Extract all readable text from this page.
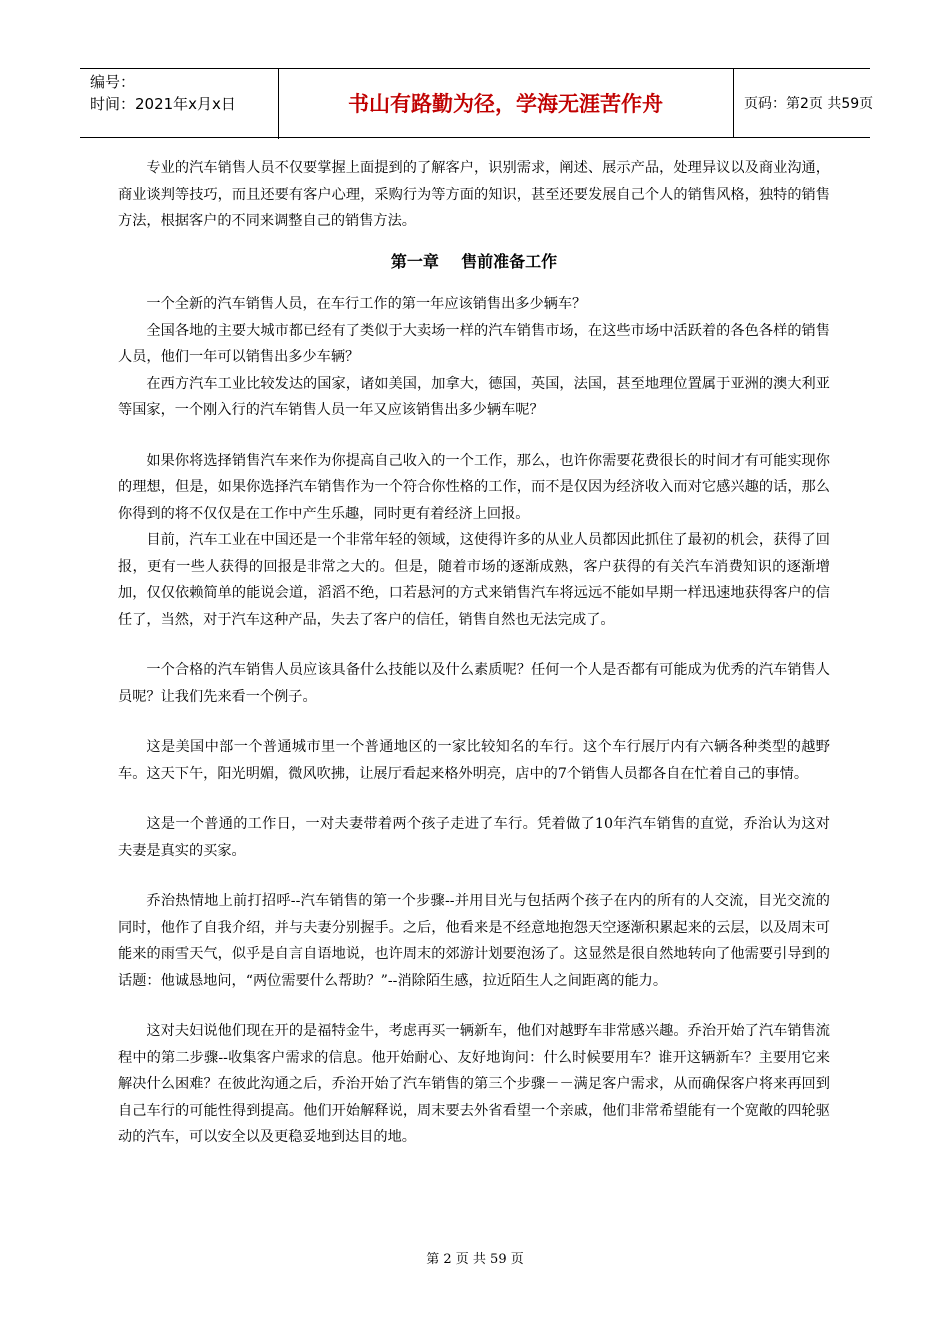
编号：
时间：2021年x月x日	书山有路勤为径，学海无涯苦作舟	页码：第2页 共59页

专业的汽车销售人员不仅要掌握上面提到的了解客户，识别需求，阐述、展示产品，处理异议以及商业沟通，商业谈判等技巧，而且还要有客户心理，采购行为等方面的知识，甚至还要发展自己个人的销售风格，独特的销售方法，根据客户的不同来调整自己的销售方法。

第一章    售前准备工作

一个全新的汽车销售人员，在车行工作的第一年应该销售出多少辆车？

全国各地的主要大城市都已经有了类似于大卖场一样的汽车销售市场，在这些市场中活跃着的各色各样的销售人员，他们一年可以销售出多少车辆？

在西方汽车工业比较发达的国家，诸如美国，加拿大，德国，英国，法国，甚至地理位置属于亚洲的澳大利亚等国家，一个刚入行的汽车销售人员一年又应该销售出多少辆车呢？

如果你将选择销售汽车来作为你提高自己收入的一个工作，那么，也许你需要花费很长的时间才有可能实现你的理想，但是，如果你选择汽车销售作为一个符合你性格的工作，而不是仅因为经济收入而对它感兴趣的话，那么你得到的将不仅仅是在工作中产生乐趣，同时更有着经济上回报。

目前，汽车工业在中国还是一个非常年轻的领域，这使得许多的从业人员都因此抓住了最初的机会，获得了回报，更有一些人获得的回报是非常之大的。但是，随着市场的逐渐成熟，客户获得的有关汽车消费知识的逐渐增加，仅仅依赖简单的能说会道，滔滔不绝，口若悬河的方式来销售汽车将远远不能如早期一样迅速地获得客户的信任了，当然，对于汽车这种产品，失去了客户的信任，销售自然也无法完成了。

一个合格的汽车销售人员应该具备什么技能以及什么素质呢？任何一个人是否都有可能成为优秀的汽车销售人员呢？让我们先来看一个例子。

这是美国中部一个普通城市里一个普通地区的一家比较知名的车行。这个车行展厅内有六辆各种类型的越野车。这天下午，阳光明媚，微风吹拂，让展厅看起来格外明亮，店中的7个销售人员都各自在忙着自己的事情。

这是一个普通的工作日，一对夫妻带着两个孩子走进了车行。凭着做了10年汽车销售的直觉，乔治认为这对夫妻是真实的买家。

乔治热情地上前打招呼--汽车销售的第一个步骤--并用目光与包括两个孩子在内的所有的人交流，目光交流的同时，他作了自我介绍，并与夫妻分别握手。之后，他看来是不经意地抱怨天空逐渐积累起来的云层，以及周末可能来的雨雪天气，似乎是自言自语地说，也许周末的郊游计划要泡汤了。这显然是很自然地转向了他需要引导到的话题：他诚恳地问，“两位需要什么帮助？”--消除陌生感，拉近陌生人之间距离的能力。

这对夫妇说他们现在开的是福特金牛，考虑再买一辆新车，他们对越野车非常感兴趣。乔治开始了汽车销售流程中的第二步骤--收集客户需求的信息。他开始耐心、友好地询问：什么时候要用车？谁开这辆新车？主要用它来解决什么困难？在彼此沟通之后，乔治开始了汽车销售的第三个步骤－－满足客户需求，从而确保客户将来再回到自己车行的可能性得到提高。他们开始解释说，周末要去外省看望一个亲戚，他们非常希望能有一个宽敞的四轮驱动的汽车，可以安全以及更稳妥地到达目的地。

第 2 页 共 59 页
